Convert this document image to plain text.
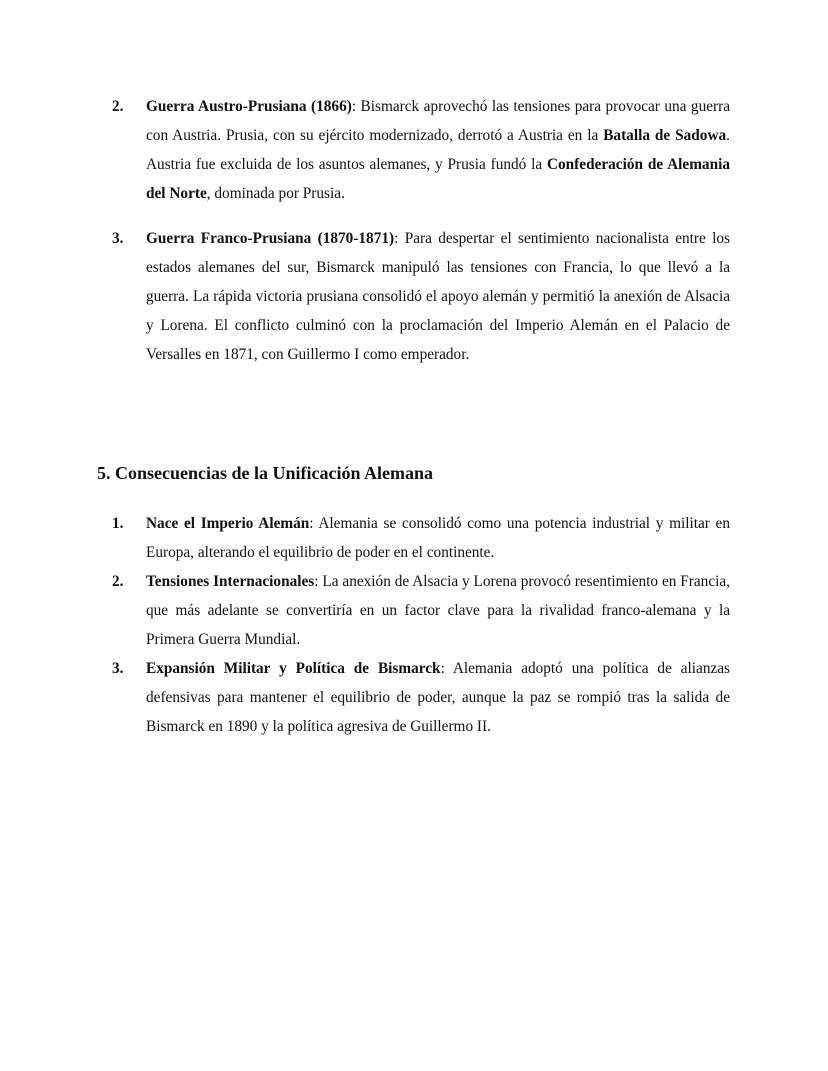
2. Guerra Austro-Prusiana (1866): Bismarck aprovechó las tensiones para provocar una guerra con Austria. Prusia, con su ejército modernizado, derrotó a Austria en la Batalla de Sadowa. Austria fue excluida de los asuntos alemanes, y Prusia fundó la Confederación de Alemania del Norte, dominada por Prusia.
3. Guerra Franco-Prusiana (1870-1871): Para despertar el sentimiento nacionalista entre los estados alemanes del sur, Bismarck manipuló las tensiones con Francia, lo que llevó a la guerra. La rápida victoria prusiana consolidó el apoyo alemán y permitió la anexión de Alsacia y Lorena. El conflicto culminó con la proclamación del Imperio Alemán en el Palacio de Versalles en 1871, con Guillermo I como emperador.
5. Consecuencias de la Unificación Alemana
1. Nace el Imperio Alemán: Alemania se consolidó como una potencia industrial y militar en Europa, alterando el equilibrio de poder en el continente.
2. Tensiones Internacionales: La anexión de Alsacia y Lorena provocó resentimiento en Francia, que más adelante se convertiría en un factor clave para la rivalidad franco-alemana y la Primera Guerra Mundial.
3. Expansión Militar y Política de Bismarck: Alemania adoptó una política de alianzas defensivas para mantener el equilibrio de poder, aunque la paz se rompió tras la salida de Bismarck en 1890 y la política agresiva de Guillermo II.
